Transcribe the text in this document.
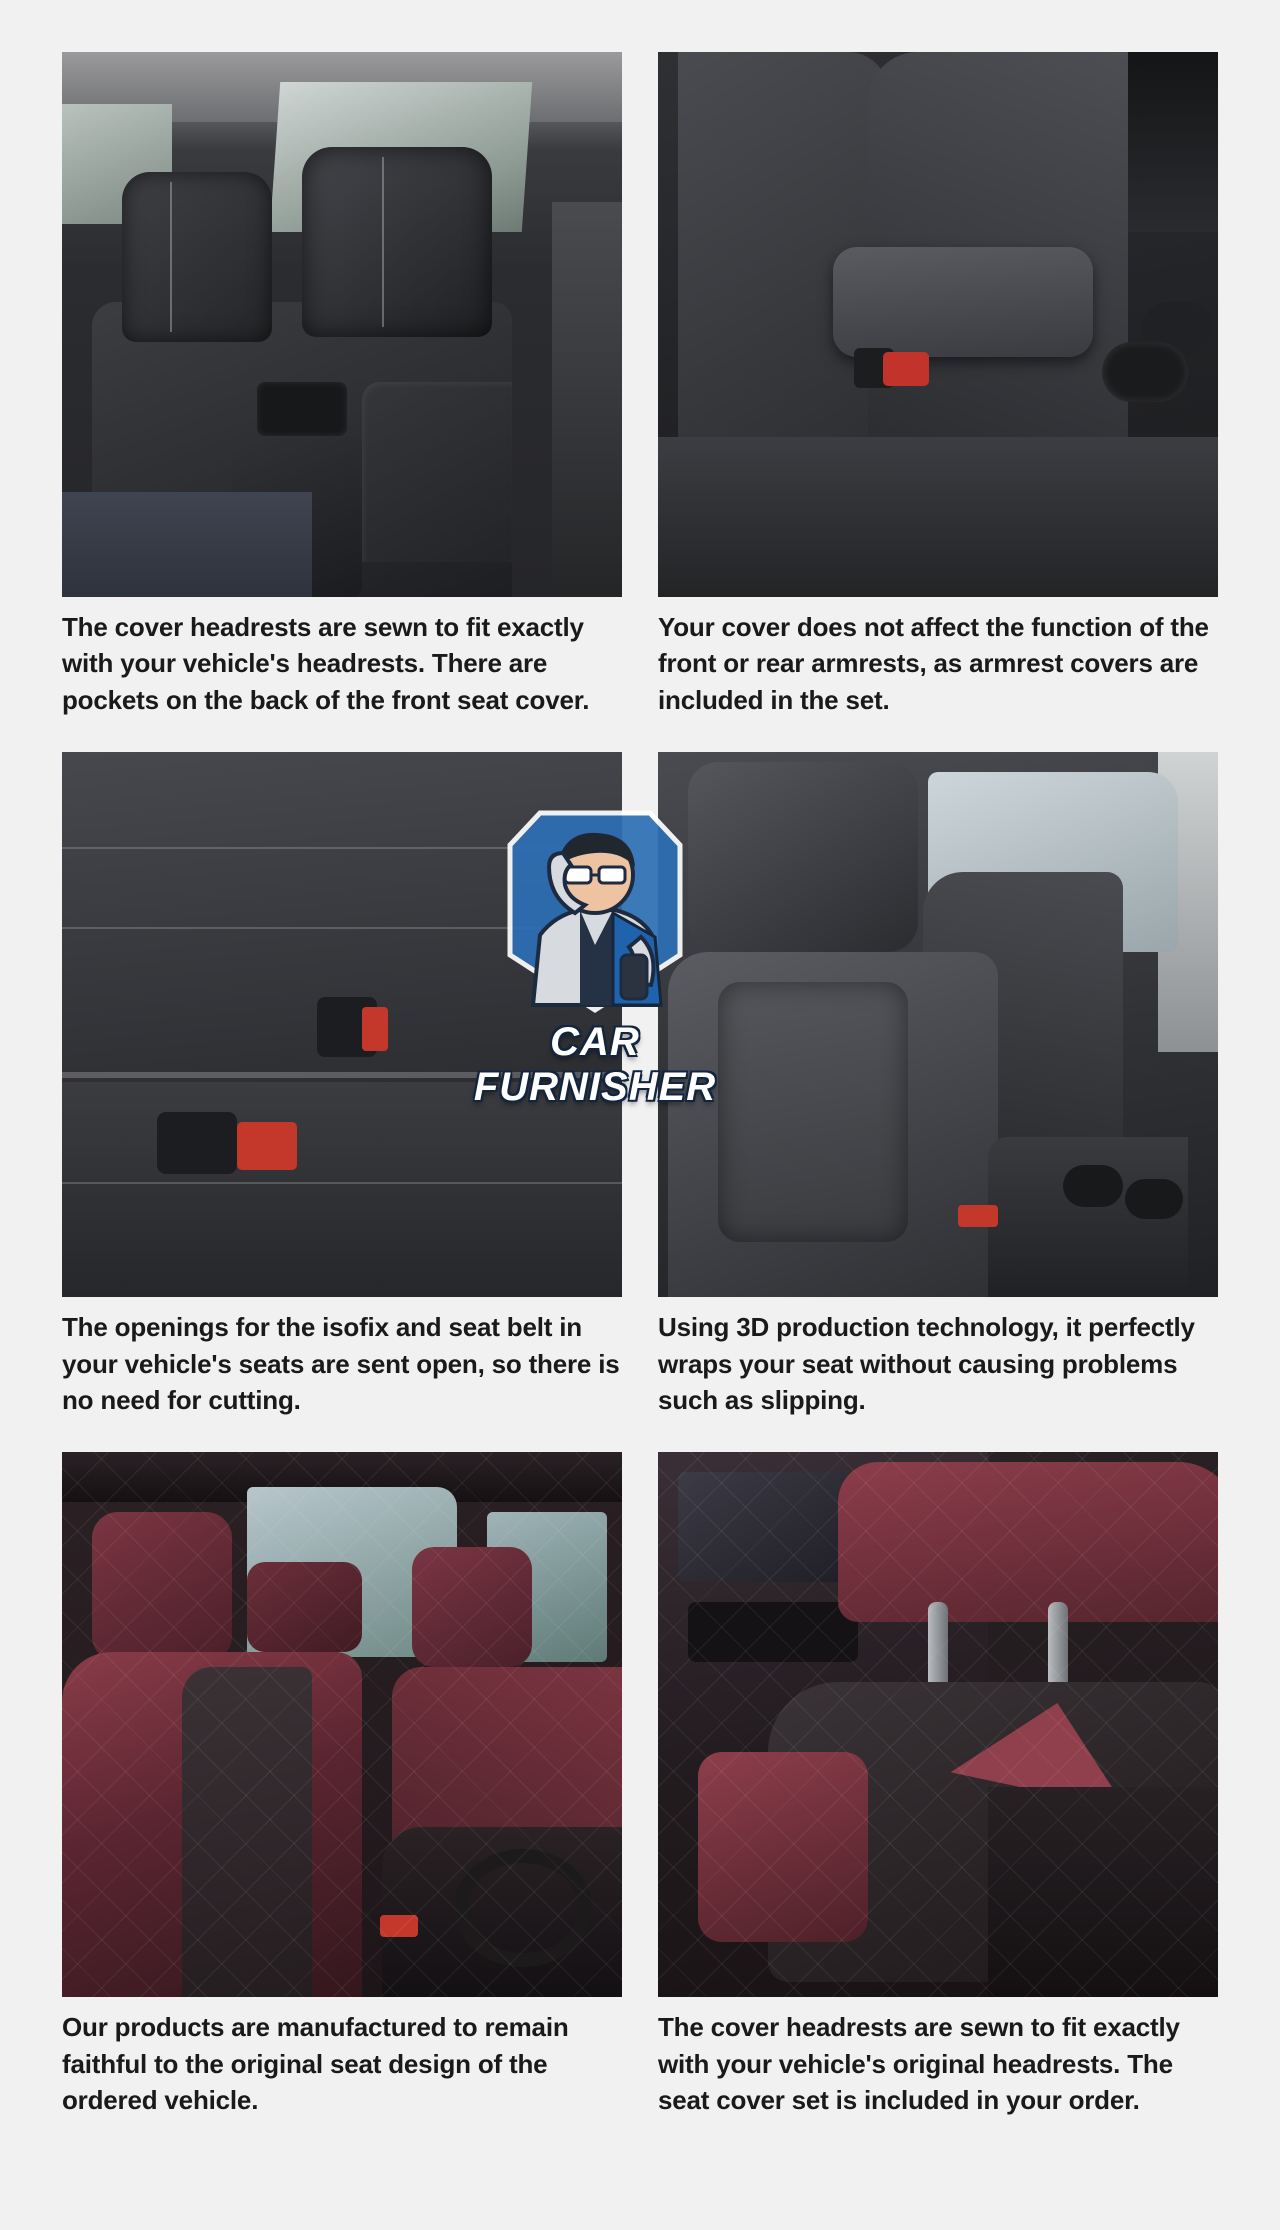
The cover headrests are sewn to fit exactly with your vehicle's headrests. There are pockets on the back of the front seat cover.
Your cover does not affect the function of the front or rear armrests, as armrest covers are included in the set.
The openings for the isofix and seat belt in your vehicle's seats are sent open, so there is no need for cutting.
Using 3D production technology, it perfectly wraps your seat without causing problems such as slipping.
Our products are manufactured to remain faithful to the original seat design of the ordered vehicle.
The cover headrests are sewn to fit exactly with your vehicle's original headrests. The seat cover set is included in your order.
CAR FURNISHER
